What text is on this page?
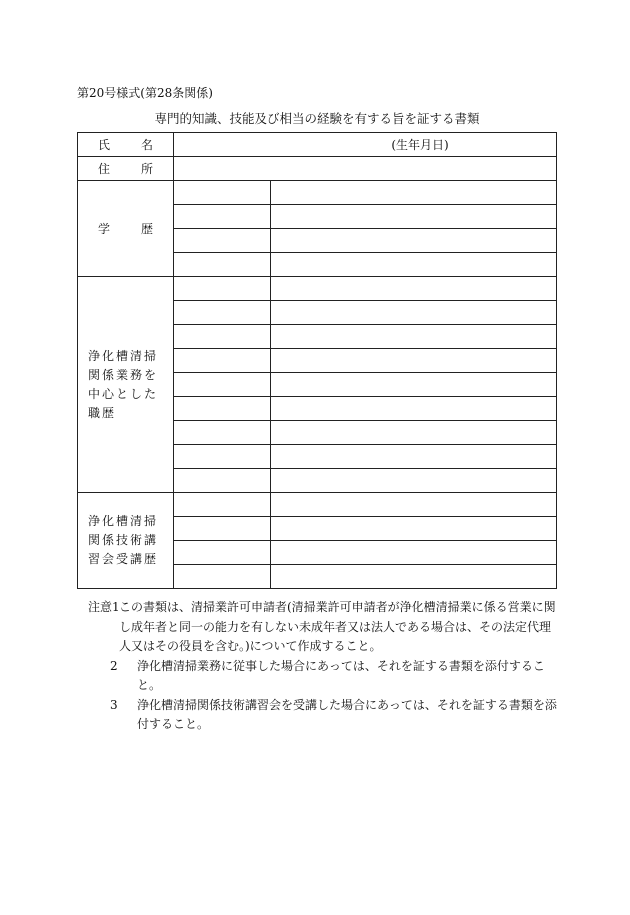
第20号様式(第28条関係)
専門的知識、技能及び相当の経験を有する旨を証する書類
氏　名	(生年月日)	
住　所		
学　歴		

浄化槽清掃
関係業務を
中心とした
職歴		

浄化槽清掃
関係技術講
習会受講歴		

注意1 この書類は、清掃業許可申請者(清掃業許可申請者が浄化槽清掃業に係る営業に関し成年者と同一の能力を有しない未成年者又は法人である場合は、その法定代理人又はその役員を含む。)について作成すること。
2	浄化槽清掃業務に従事した場合にあっては、それを証する書類を添付すること。
3	浄化槽清掃関係技術講習会を受講した場合にあっては、それを証する書類を添付すること。
